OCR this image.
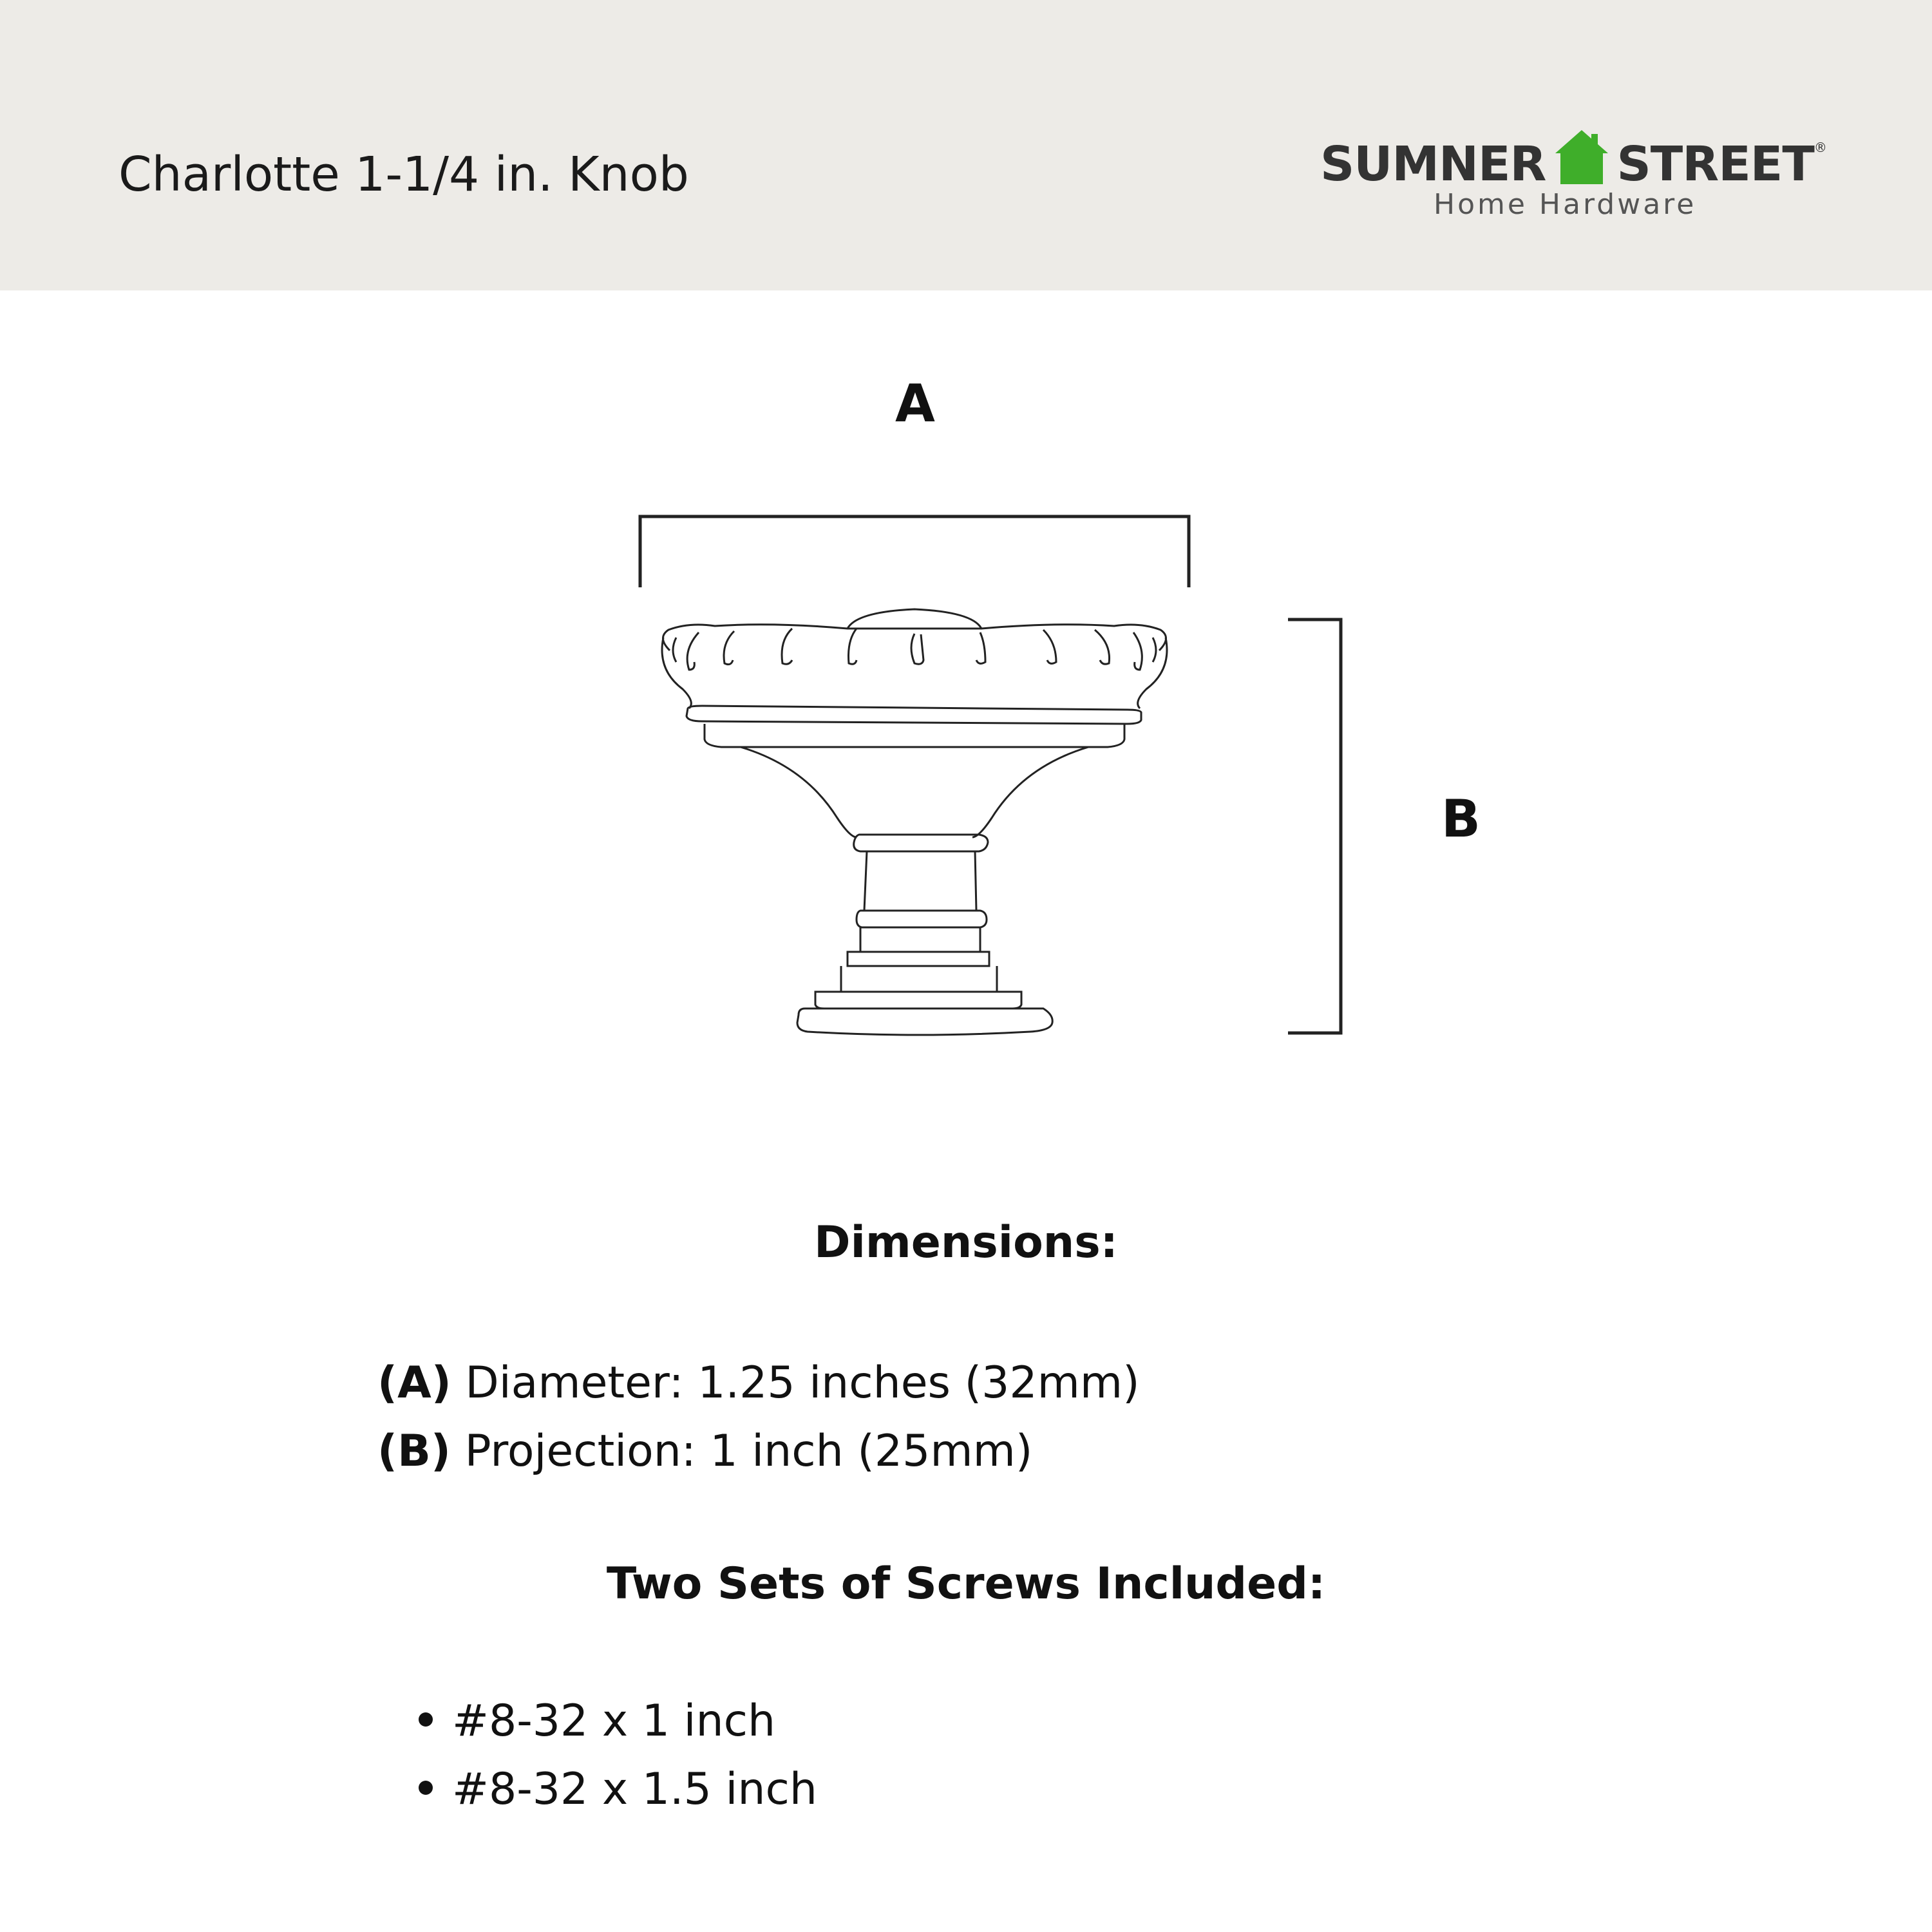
Charlotte 1-1/4 in. Knob	SUMNER STREET®
Home Hardware
A
B
Dimensions:
(A) Diameter: 1.25 inches (32mm)
(B) Projection: 1 inch (25mm)
Two Sets of Screws Included:
#8-32 x 1 inch
#8-32 x 1.5 inch
